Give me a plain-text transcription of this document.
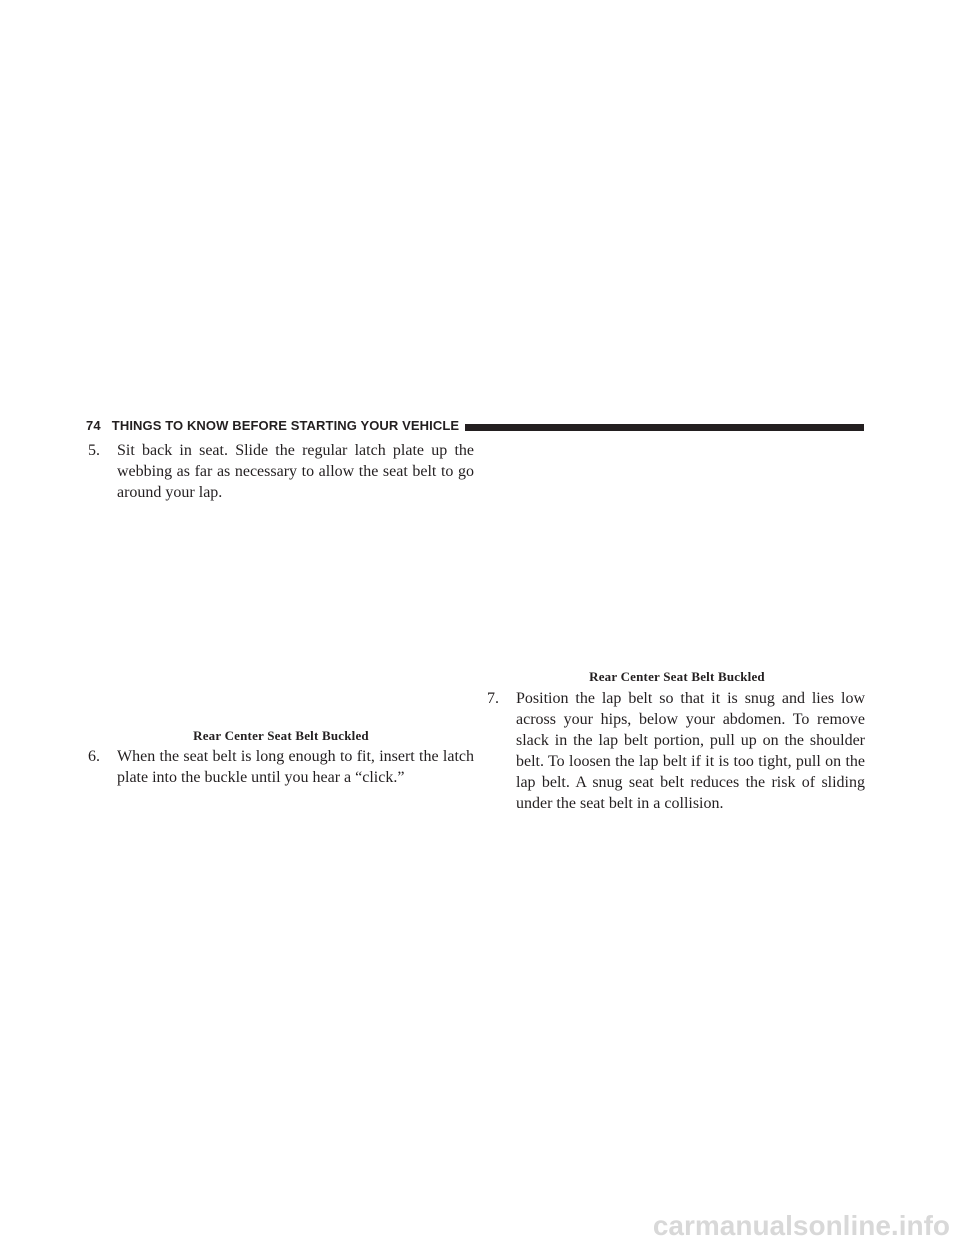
74   THINGS TO KNOW BEFORE STARTING YOUR VEHICLE
5.	Sit back in seat. Slide the regular latch plate up the webbing as far as necessary to allow the seat belt to go around your lap.
Rear Center Seat Belt Buckled
6.	When the seat belt is long enough to fit, insert the latch plate into the buckle until you hear a “click.”
Rear Center Seat Belt Buckled
7.	Position the lap belt so that it is snug and lies low across your hips, below your abdomen. To remove slack in the lap belt portion, pull up on the shoulder belt. To loosen the lap belt if it is too tight, pull on the lap belt. A snug seat belt reduces the risk of sliding under the seat belt in a collision.
carmanualsonline.info
